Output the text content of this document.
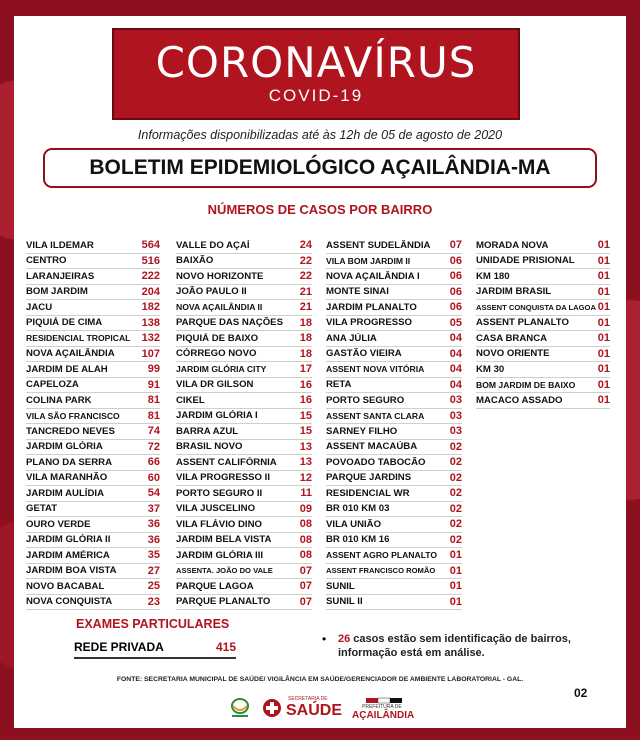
CORONAVÍRUS
COVID-19
Informações disponibilizadas até às 12h de 05 de agosto de 2020
BOLETIM EPIDEMIOLÓGICO AÇAILÂNDIA-MA
NÚMEROS DE CASOS POR BAIRRO
VILA ILDEMAR	564
CENTRO	516
LARANJEIRAS	222
BOM JARDIM	204
JACU	182
PIQUIÁ DE CIMA	138
RESIDENCIAL TROPICAL 132
NOVA AÇAILÂNDIA 107
JARDIM DE ALAH	99
CAPELOZA	91
COLINA PARK	81
VILA SÃO FRANCISCO	81
TANCREDO NEVES	74
JARDIM GLÓRIA	72
PLANO DA SERRA	66
VILA MARANHÃO	60
JARDIM AULÍDIA	54
GETAT	37
OURO VERDE	36
JARDIM GLÓRIA II	36
JARDIM AMÉRICA	35
JARDIM BOA VISTA	27
NOVO BACABAL	25
NOVA CONQUISTA	23
VALLE DO AÇAÍ	24
BAIXÃO	22
NOVO HORIZONTE	22
JOÃO PAULO II	21
NOVA AÇAILÂNDIA II	21
PARQUE DAS NAÇÕES 18
PIQUIÁ DE BAIXO	18
CÓRREGO NOVO	18
JARDIM GLÓRIA CITY	17
VILA DR GILSON	16
CIKEL	16
JARDIM GLÓRIA I	15
BARRA AZUL	15
BRASIL NOVO	13
ASSENT CALIFÓRNIA 13
VILA PROGRESSO II	12
PORTO SEGURO II	11
VILA JUSCELINO	09
VILA FLÁVIO DINO	08
JARDIM BELA VISTA	08
JARDIM GLÓRIA III	08
ASSENTA. JOÃO DO VALE 07
PARQUE LAGOA	07
PARQUE PLANALTO	07
ASSENT SUDELÂNDIA 07
VILA BOM JARDIM II	06
NOVA AÇAILÂNDIA I	06
MONTE SINAI	06
JARDIM PLANALTO	06
VILA PROGRESSO	05
ANA JÚLIA	04
GASTÃO VIEIRA	04
ASSENT NOVA VITÓRIA 04
RETA	04
PORTO SEGURO	03
ASSENT SANTA CLARA 03
SARNEY FILHO	03
ASSENT MACAÚBA	02
POVOADO TABOCÃO 02
PARQUE JARDINS	02
RESIDENCIAL WR	02
BR 010 KM 03	02
VILA UNIÃO	02
BR 010 KM 16	02
ASSENT AGRO PLANALTO 01
ASSENT FRANCISCO ROMÃO 01
SUNIL	01
SUNIL II	01
MORADA NOVA	01
UNIDADE PRISIONAL 01
KM 180	01
JARDIM BRASIL	01
ASSENT CONQUISTA DA LAGOA 01
ASSENT PLANALTO	01
CASA BRANCA	01
NOVO ORIENTE	01
KM 30	01
BOM JARDIM DE BAIXO 01
MACACO ASSADO	01
EXAMES PARTICULARES
REDE PRIVADA	415
• 26 casos estão sem identificação de bairros, informação está em análise.
FONTE: SECRETARIA MUNICIPAL DE SAÚDE/ VIGILÂNCIA EM SAÚDE/GERENCIADOR DE AMBIENTE LABORATORIAL - GAL.
02
SECRETARIA DE
SAÚDE	PREFEITURA DE
AÇAILÂNDIA
